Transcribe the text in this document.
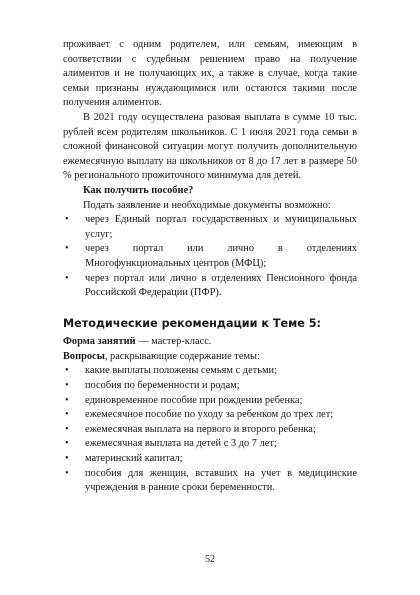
проживает с одним родителем, или семьям, имеющим в соответствии с судебным решением право на получение алиментов и не получающих их, а также в случае, когда такие семьи признаны нуждающимися или остаются такими после получения алиментов.

В 2021 году осуществлена разовая выплата в сумме 10 тыс. рублей всем родителям школьников. С 1 июля 2021 года семьи в сложной финансовой ситуации могут получить дополнительную ежемесячную выплату на школьников от 8 до 17 лет в размере 50 % регионального прожиточного минимума для детей.

Как получить пособие?

Подать заявление и необходимые документы возможно:

• через Единый портал государственных и муниципальных услуг;
• через портал или лично в отделениях Многофункциональных центров (МФЦ);
• через портал или лично в отделениях Пенсионного фонда Российской Федерации (ПФР).
Методические рекомендации к Теме 5:

Форма занятий — мастер-класс.

Вопросы, раскрывающие содержание темы:

• какие выплаты положены семьям с детьми;
• пособия по беременности и родам;
• единовременное пособие при рождении ребенка;
• ежемесячное пособие по уходу за ребенком до трех лет;
• ежемесячная выплата на первого и второго ребенка;
• ежемесячная выплата на детей с 3 до 7 лет;
• материнский капитал;
• пособия для женщин, вставших на учет в медицинские учреждения в ранние сроки беременности.
52
